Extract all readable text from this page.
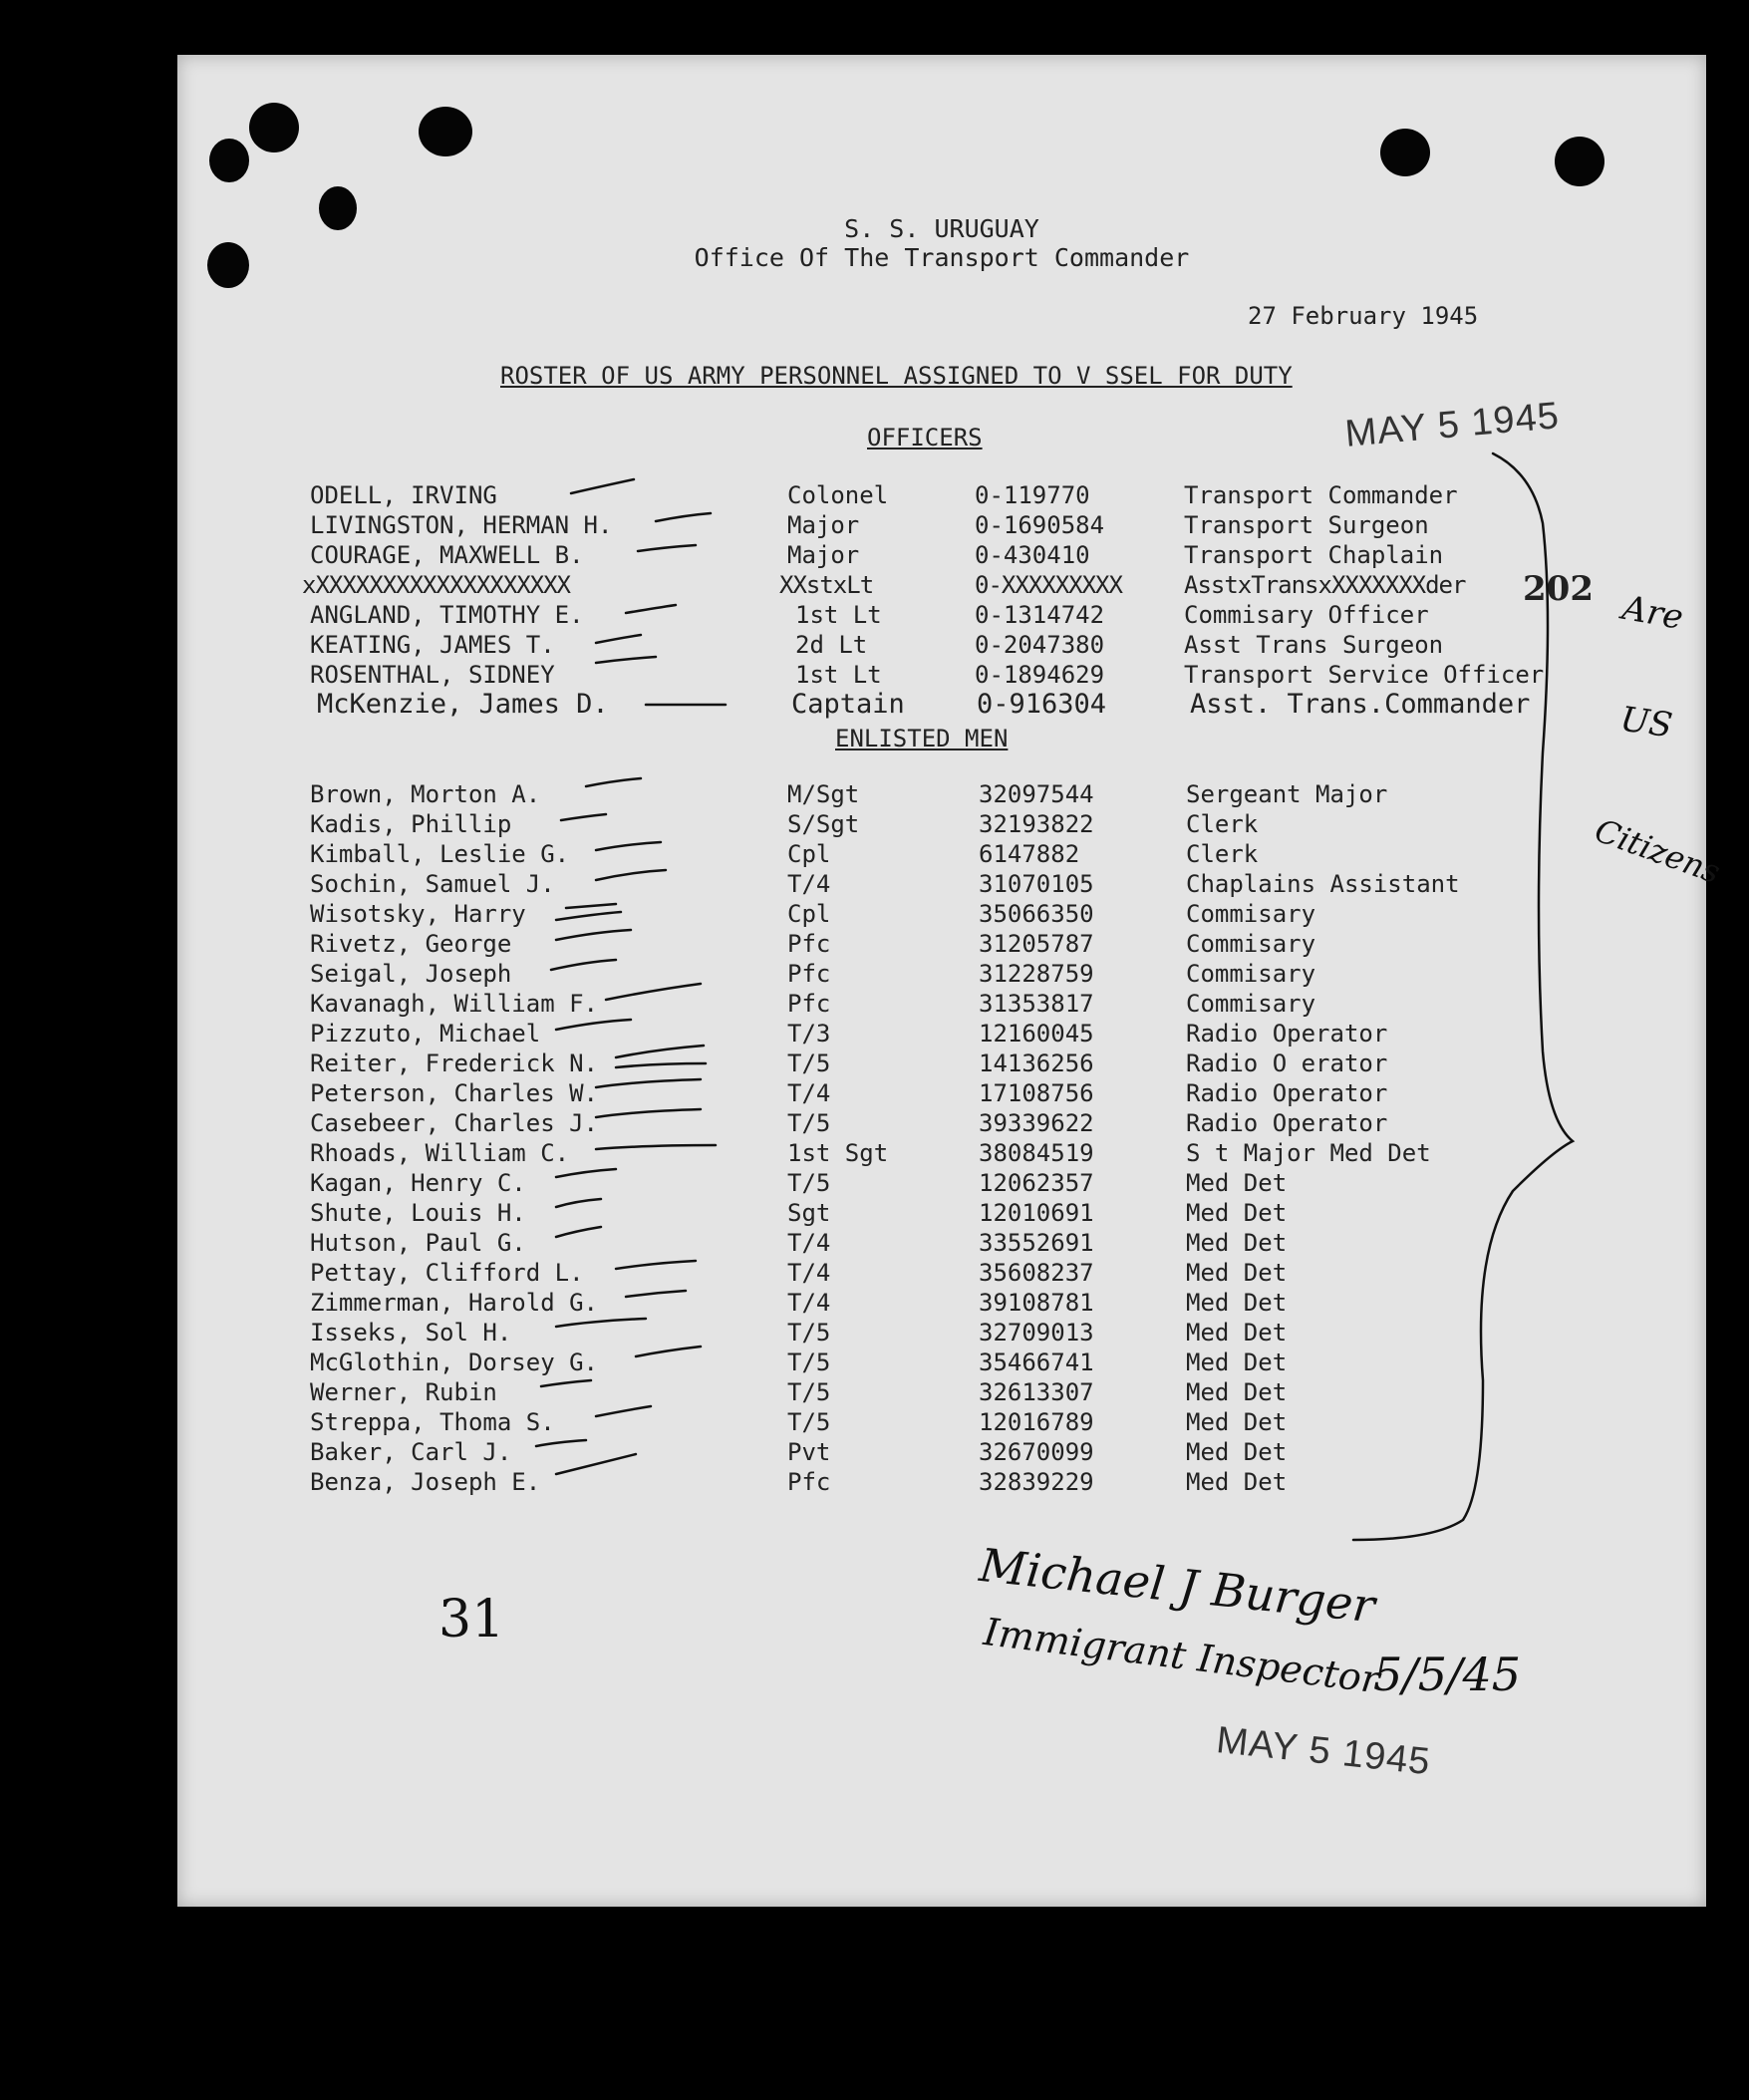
S. S. URUGUAY
Office Of The Transport Commander
27 February 1945
ROSTER OF US ARMY PERSONNEL ASSIGNED TO V SSEL FOR DUTY
OFFICERS
ODELL, IRVING	Colonel	0-119770	Transport Commander
LIVINGSTON, HERMAN H.	Major	0-1690584	Transport Surgeon
COURAGE, MAXWELL B.	Major	0-430410	Transport Chaplain
xXXXXXXXXXXXXXXXXXXX	XXstxLt	0-XXXXXXXXX	AsstxTransxXXXXXXXder
ANGLAND, TIMOTHY E.	1st Lt	0-1314742	Commisary Officer
KEATING, JAMES T.	2d Lt	0-2047380	Asst Trans Surgeon
ROSENTHAL, SIDNEY	1st Lt	0-1894629	Transport Service Officer
McKenzie, James D.	Captain	0-916304	Asst. Trans.Commander
ENLISTED MEN
Brown, Morton A.	M/Sgt	32097544	Sergeant Major
Kadis, Phillip	S/Sgt	32193822	Clerk
Kimball, Leslie G.	Cpl	6147882	Clerk
Sochin, Samuel J.	T/4	31070105	Chaplains Assistant
Wisotsky, Harry	Cpl	35066350	Commisary
Rivetz, George	Pfc	31205787	Commisary
Seigal, Joseph	Pfc	31228759	Commisary
Kavanagh, William F.	Pfc	31353817	Commisary
Pizzuto, Michael	T/3	12160045	Radio Operator
Reiter, Frederick N.	T/5	14136256	Radio O erator
Peterson, Charles W.	T/4	17108756	Radio Operator
Casebeer, Charles J.	T/5	39339622	Radio Operator
Rhoads, William C.	1st Sgt	38084519	S t Major Med Det
Kagan, Henry C.	T/5	12062357	Med Det
Shute, Louis H.	Sgt	12010691	Med Det
Hutson, Paul G.	T/4	33552691	Med Det
Pettay, Clifford L.	T/4	35608237	Med Det
Zimmerman, Harold G.	T/4	39108781	Med Det
Isseks, Sol H.	T/5	32709013	Med Det
McGlothin, Dorsey G.	T/5	35466741	Med Det
Werner, Rubin	T/5	32613307	Med Det
Streppa, Thoma S.	T/5	12016789	Med Det
Baker, Carl J.	Pvt	32670099	Med Det
Benza, Joseph E.	Pfc	32839229	Med Det
MAY 5 1945
MAY 5 1945
202 Are
US
Citizens
31	Michael J Burger
Immigrant Inspector
5/5/45
